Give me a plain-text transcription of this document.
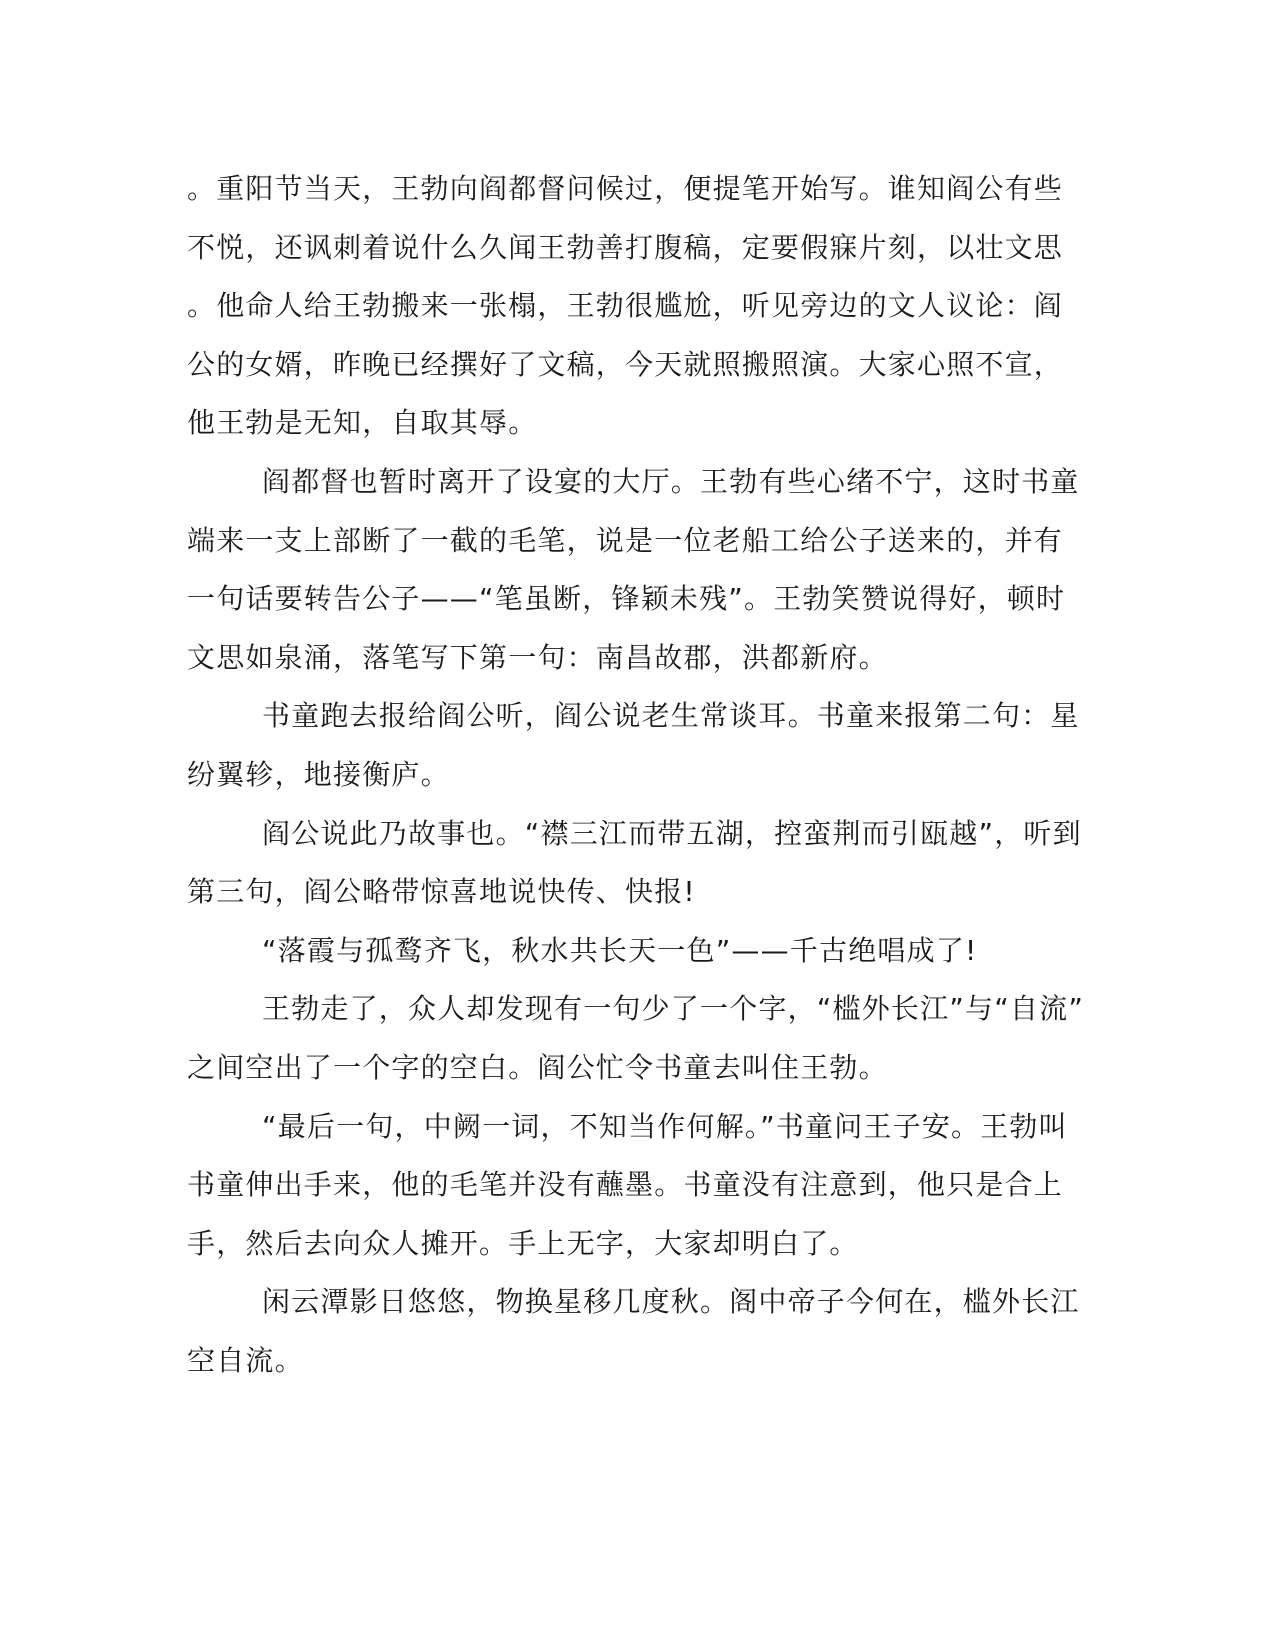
。重阳节当天，王勃向阎都督问候过，便提笔开始写。谁知阎公有些
不悦，还讽刺着说什么久闻王勃善打腹稿，定要假寐片刻，以壮文思
。他命人给王勃搬来一张榻，王勃很尴尬，听见旁边的文人议论：阎
公的女婿，昨晚已经撰好了文稿，今天就照搬照演。大家心照不宣，
他王勃是无知，自取其辱。

阎都督也暂时离开了设宴的大厅。王勃有些心绪不宁，这时书童
端来一支上部断了一截的毛笔，说是一位老船工给公子送来的，并有
一句话要转告公子——“笔虽断，锋颖未残”。王勃笑赞说得好，顿时
文思如泉涌，落笔写下第一句：南昌故郡，洪都新府。

书童跑去报给阎公听，阎公说老生常谈耳。书童来报第二句：星
纷翼轸，地接衡庐。

阎公说此乃故事也。“襟三江而带五湖，控蛮荆而引瓯越”，听到
第三句，阎公略带惊喜地说快传、快报!

“落霞与孤鹜齐飞，秋水共长天一色”——千古绝唱成了!

王勃走了，众人却发现有一句少了一个字，“槛外长江”与“自流”
之间空出了一个字的空白。阎公忙令书童去叫住王勃。

“最后一句，中阙一词，不知当作何解。”书童问王子安。王勃叫
书童伸出手来，他的毛笔并没有蘸墨。书童没有注意到，他只是合上
手，然后去向众人摊开。手上无字，大家却明白了。

闲云潭影日悠悠，物换星移几度秋。阁中帝子今何在，槛外长江
空自流。
